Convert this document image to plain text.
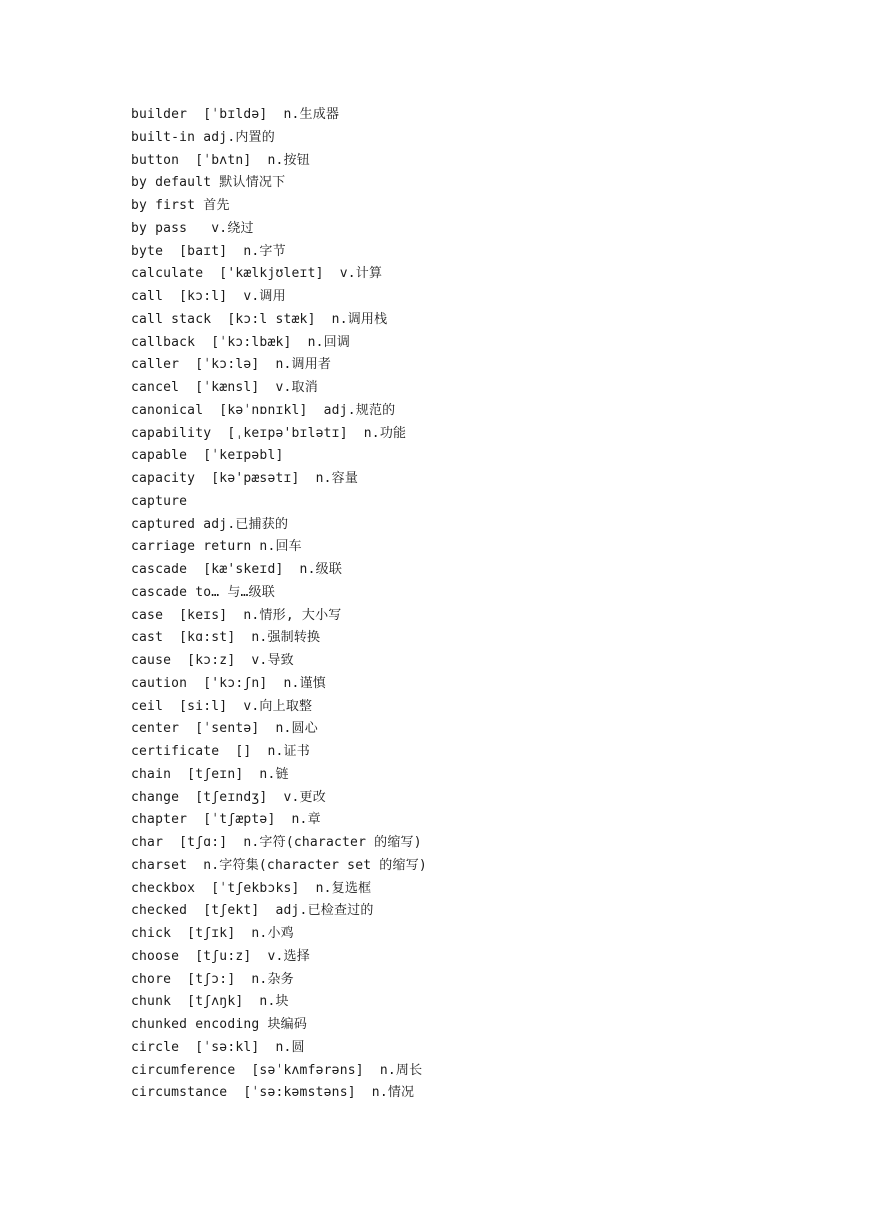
builder  [ˈbɪldə]  n.生成器
built-in adj.内置的
button  [ˈbʌtn]  n.按钮
by default 默认情况下
by first 首先
by pass   v.绕过
byte  [baɪt]  n.字节
calculate  ['kælkjʊleɪt]  v.计算
call  [kɔ:l]  v.调用
call stack  [kɔ:l stæk]  n.调用栈
callback  [ˈkɔ:lbæk]  n.回调
caller  [ˈkɔ:lə]  n.调用者
cancel  [ˈkænsl]  v.取消
canonical  [kəˈnɒnɪkl]  adj.规范的
capability  [ˌkeɪpə'bɪlətɪ]  n.功能
capable  [ˈkeɪpəbl]
capacity  [kə'pæsətɪ]  n.容量
capture
captured adj.已捕获的
carriage return n.回车
cascade  [kæ'skeɪd]  n.级联
cascade to… 与…级联
case  [keɪs]  n.情形, 大小写
cast  [kɑ:st]  n.强制转换
cause  [kɔ:z]  v.导致
caution  ['kɔ:ʃn]  n.谨慎
ceil  [si:l]  v.向上取整
center  [ˈsentə]  n.圆心
certificate  []  n.证书
chain  [tʃeɪn]  n.链
change  [tʃeɪndʒ]  v.更改
chapter  [ˈtʃæptə]  n.章
char  [tʃɑ:]  n.字符(character 的缩写)
charset  n.字符集(character set 的缩写)
checkbox  [ˈtʃekbɔks]  n.复选框
checked  [tʃekt]  adj.已检查过的
chick  [tʃɪk]  n.小鸡
choose  [tʃu:z]  v.选择
chore  [tʃɔ:]  n.杂务
chunk  [tʃʌŋk]  n.块
chunked encoding 块编码
circle  [ˈsə:kl]  n.圆
circumference  [səˈkʌmfərəns]  n.周长
circumstance  [ˈsə:kəmstəns]  n.情况
